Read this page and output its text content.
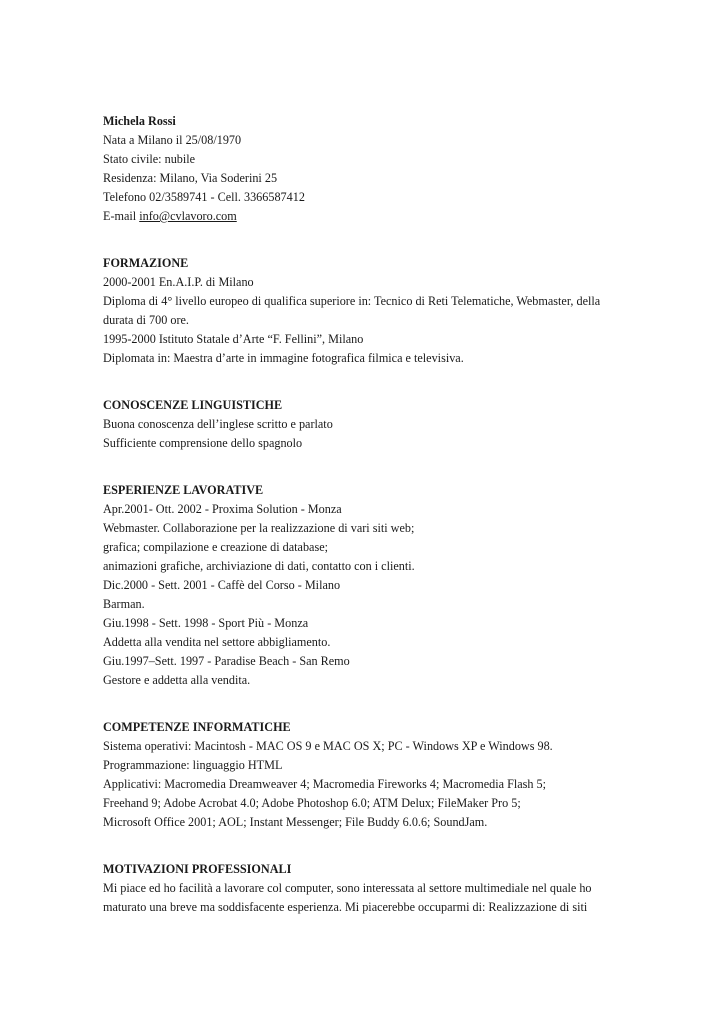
Michela Rossi
Nata a Milano il 25/08/1970
Stato civile: nubile
Residenza: Milano, Via Soderini 25
Telefono 02/3589741 - Cell. 3366587412
E-mail info@cvlavoro.com
FORMAZIONE
2000-2001 En.A.I.P. di Milano
Diploma di 4° livello europeo di qualifica superiore in: Tecnico di Reti Telematiche, Webmaster, della
durata di 700 ore.
1995-2000 Istituto Statale d’Arte “F. Fellini”, Milano
Diplomata in: Maestra d’arte in immagine fotografica filmica e televisiva.
CONOSCENZE LINGUISTICHE
Buona conoscenza dell’inglese scritto e parlato
Sufficiente comprensione dello spagnolo
ESPERIENZE LAVORATIVE
Apr.2001- Ott. 2002 - Proxima Solution - Monza
Webmaster. Collaborazione per la realizzazione di vari siti web;
grafica; compilazione e creazione di database;
animazioni grafiche, archiviazione di dati, contatto con i clienti.
Dic.2000 - Sett. 2001 - Caffè del Corso - Milano
Barman.
Giu.1998 - Sett. 1998 - Sport Più - Monza
Addetta alla vendita nel settore abbigliamento.
Giu.1997–Sett. 1997 - Paradise Beach - San Remo
Gestore e addetta alla vendita.
COMPETENZE INFORMATICHE
Sistema operativi: Macintosh - MAC OS 9 e MAC OS X; PC - Windows XP e Windows 98.
Programmazione: linguaggio HTML
Applicativi: Macromedia Dreamweaver 4; Macromedia Fireworks 4; Macromedia Flash 5;
Freehand 9; Adobe Acrobat 4.0; Adobe Photoshop 6.0; ATM Delux; FileMaker Pro 5;
Microsoft Office 2001; AOL; Instant Messenger; File Buddy 6.0.6; SoundJam.
MOTIVAZIONI PROFESSIONALI
Mi piace ed ho facilità a lavorare col computer, sono interessata al settore multimediale nel quale ho
maturato una breve ma soddisfacente esperienza. Mi piacerebbe occuparmi di: Realizzazione di siti
